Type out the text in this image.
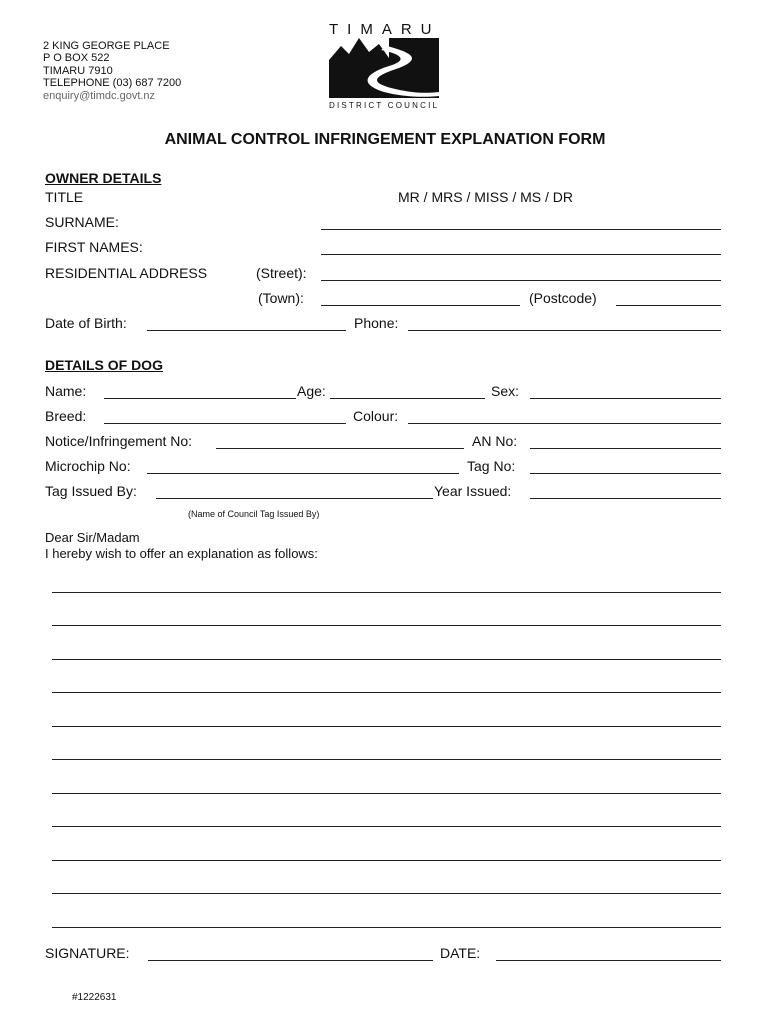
2 KING GEORGE PLACE
P O BOX 522
TIMARU 7910
TELEPHONE (03) 687 7200
enquiry@timdc.govt.nz
TIMARU
DISTRICT COUNCIL
ANIMAL CONTROL INFRINGEMENT EXPLANATION FORM
OWNER DETAILS
TITLE	MR / MRS / MISS / MS / DR
SURNAME:
FIRST NAMES:
RESIDENTIAL ADDRESS	(Street):
(Town):	(Postcode)
Date of Birth:	Phone:
DETAILS OF DOG
Name:	Age:	Sex:
Breed:	Colour:
Notice/Infringement No:	AN No:
Microchip No:	Tag No:
Tag Issued By:	Year Issued:
(Name of Council Tag Issued By)
Dear Sir/Madam
I hereby wish to offer an explanation as follows:
SIGNATURE:	DATE:
#1222631
